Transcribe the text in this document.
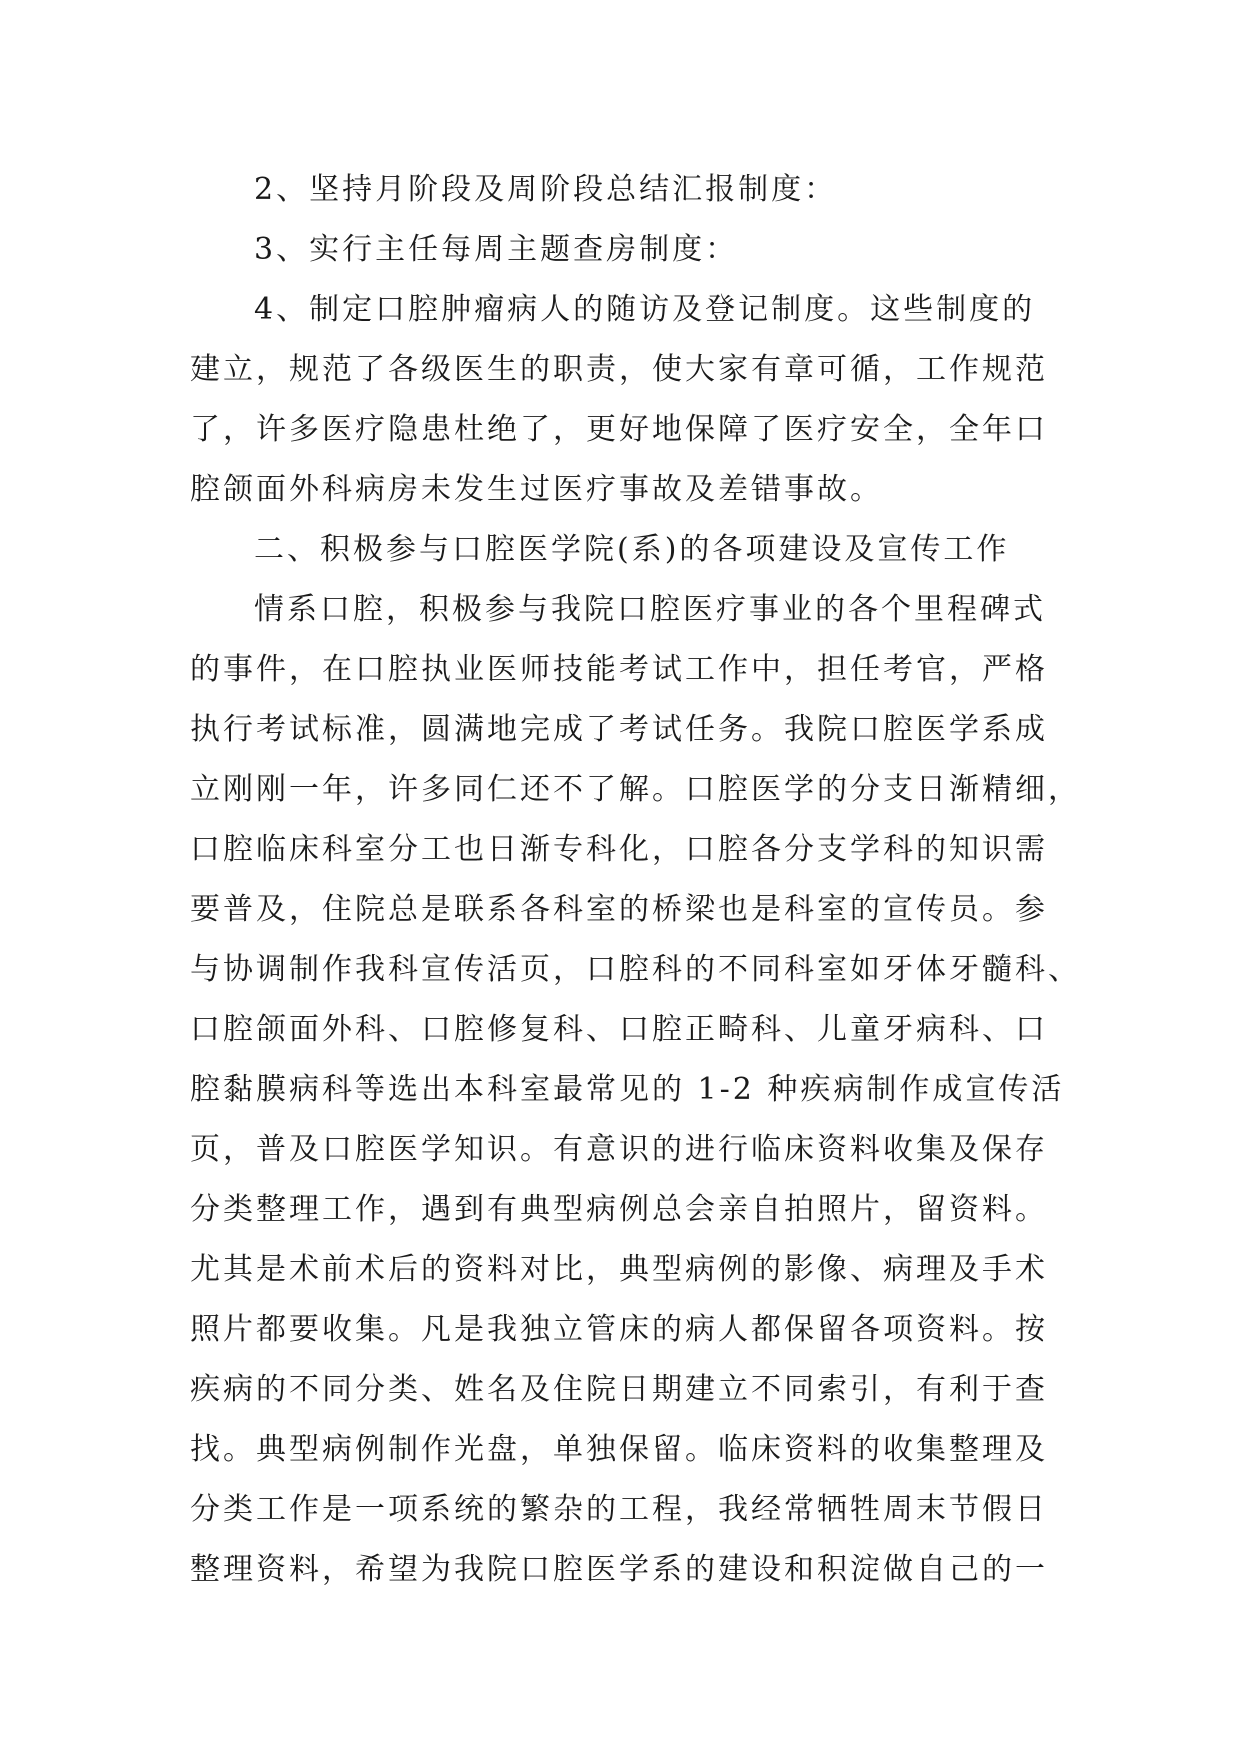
2、坚持月阶段及周阶段总结汇报制度：
3、实行主任每周主题查房制度：
4、制定口腔肿瘤病人的随访及登记制度。这些制度的
建立，规范了各级医生的职责，使大家有章可循，工作规范
了，许多医疗隐患杜绝了，更好地保障了医疗安全，全年口
腔颌面外科病房未发生过医疗事故及差错事故。
二、积极参与口腔医学院(系)的各项建设及宣传工作
情系口腔，积极参与我院口腔医疗事业的各个里程碑式
的事件，在口腔执业医师技能考试工作中，担任考官，严格
执行考试标准，圆满地完成了考试任务。我院口腔医学系成
立刚刚一年，许多同仁还不了解。口腔医学的分支日渐精细，
口腔临床科室分工也日渐专科化，口腔各分支学科的知识需
要普及，住院总是联系各科室的桥梁也是科室的宣传员。参
与协调制作我科宣传活页，口腔科的不同科室如牙体牙髓科、
口腔颌面外科、口腔修复科、口腔正畸科、儿童牙病科、口
腔黏膜病科等选出本科室最常见的 1-2 种疾病制作成宣传活
页，普及口腔医学知识。有意识的进行临床资料收集及保存
分类整理工作，遇到有典型病例总会亲自拍照片，留资料。
尤其是术前术后的资料对比，典型病例的影像、病理及手术
照片都要收集。凡是我独立管床的病人都保留各项资料。按
疾病的不同分类、姓名及住院日期建立不同索引，有利于查
找。典型病例制作光盘，单独保留。临床资料的收集整理及
分类工作是一项系统的繁杂的工程，我经常牺牲周末节假日
整理资料，希望为我院口腔医学系的建设和积淀做自己的一
